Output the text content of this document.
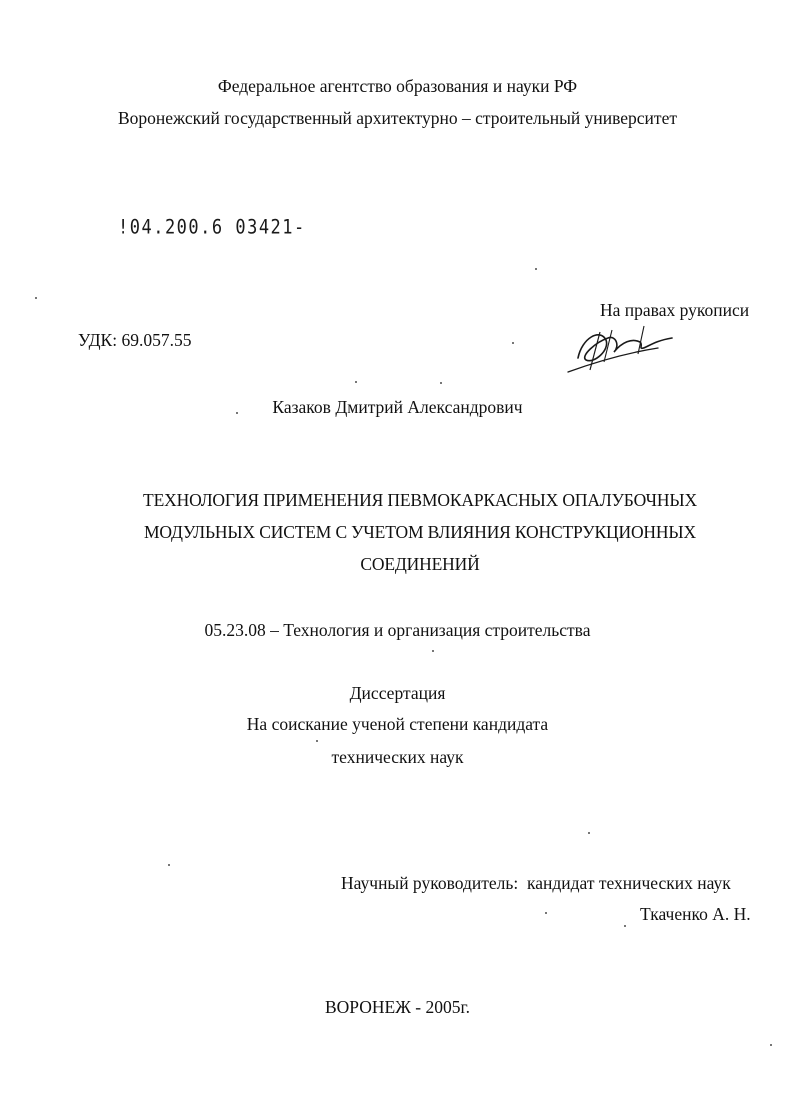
Федеральное агентство образования и науки РФ
Воронежский государственный архитектурно – строительный университет
!04.200.6 03421-
На правах рукописи
УДК: 69.057.55
Казаков Дмитрий Александрович
ТЕХНОЛОГИЯ ПРИМЕНЕНИЯ ПЕВМОКАРКАСНЫХ ОПАЛУБОЧНЫХ
МОДУЛЬНЫХ СИСТЕМ С УЧЕТОМ ВЛИЯНИЯ КОНСТРУКЦИОННЫХ
СОЕДИНЕНИЙ
05.23.08 – Технология и организация строительства
Диссертация
На соискание ученой степени кандидата
технических наук
Научный руководитель:  кандидат технических наук
Ткаченко А. Н.
ВОРОНЕЖ - 2005г.
